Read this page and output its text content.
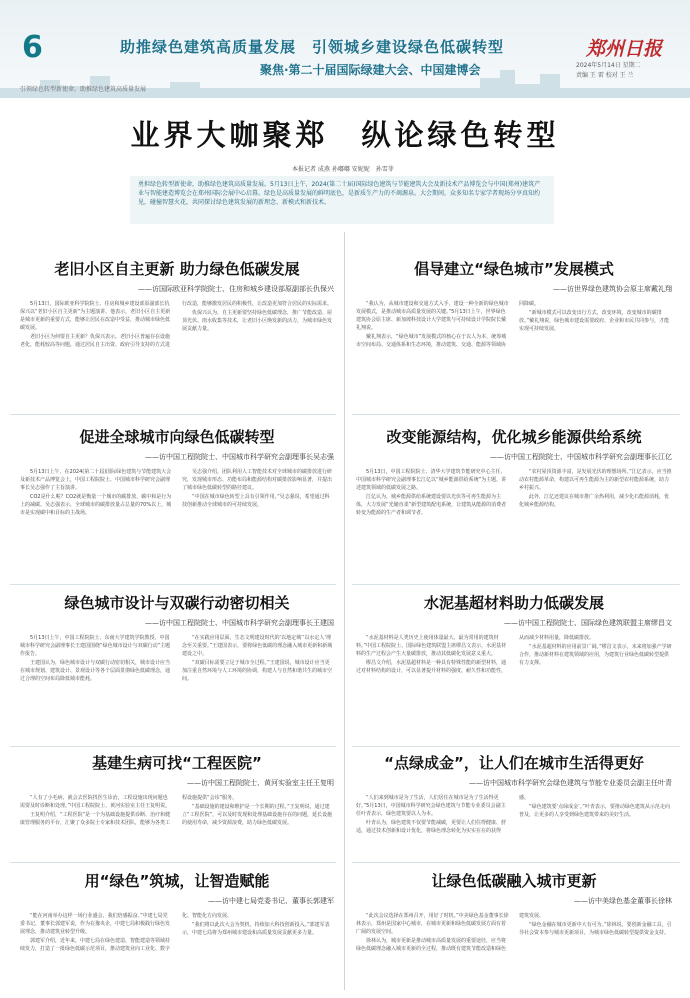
6	助推绿色建筑高质量发展　引领城乡建设绿色低碳转型
聚焦·第二十届国际绿建大会、中国建博会
郑州日报
2024年5月14日 星期二
责编 王 雷 校对 王 兰
引领绿色转型新使命，助推绿色建筑高质量发展
业界大咖聚郑　纵论绿色转型
本报记者 成燕 孙嘟嘟 安妮妮　孙雪菲
勇担绿色转型新使命，助推绿色建筑高质量发展。5月13日上午，2024(第二十届)国际绿色建筑与节能建筑大会及新技术产品博览会与中国(郑州)建筑产业与智能建造博览会在郑州国际会展中心启幕。绿色是高质量发展的鲜明底色，是新质生产力的不竭源泉。大会期间，众多知名专家学者现场分享真知灼见，碰撞智慧火花，共同探讨绿色建筑发展的新理念、新模式和新技术。
老旧小区自主更新 助力绿色低碳发展
——访国际欧亚科学院院士、住房和城乡建设部原副部长仇保兴

5月13日，国际欧亚科学院院士、住房和城乡建设部原副部长仇保兴以“老旧小区自主更新”为主题演讲。他表示，老旧小区自主更新是城市更新的重要方式，能够让居民在改造中受益，推动城市绿色低碳发展。

老旧小区为何要自主更新？仇保兴表示，老旧小区普遍存在设施老化、能耗较高等问题，通过居民自主出资、政府引导支持的方式进行改造，能够激发居民的积极性，让改造更加符合居民的实际需求。

仇保兴认为，自主更新要坚持绿色低碳理念，推广节能改造、屋顶光伏、雨水收集等技术，让老旧小区焕发新的活力，为城市绿色发展贡献力量。

倡导建立“绿色城市”发展模式
——访世界绿色建筑协会原主席戴礼翔

“我认为，从城市建设和交通方式入手，建设一种全新的绿色城市发展模式，是推动城市高质量发展的关键。”5月13日上午，世界绿色建筑协会原主席、新加坡科技设计大学建筑与可持续设计学院院长戴礼翔说。

戴礼翔表示，“绿色城市”发展模式的核心在于以人为本，统筹城市空间布局、交通体系和生态环境，推动建筑、交通、能源等领域协同降碳。

“新城市模式可以改变出行方式，改变环境，改变城市的碳排放。”戴礼翔说，绿色城市建设需要政府、企业和市民共同参与，才能实现可持续发展。

促进全球城市向绿色低碳转型
——访中国工程院院士、中国城市科学研究会副理事长吴志强

5月13日上午，在2024(第二十届)国际绿色建筑与节能建筑大会及新技术产品博览会上，中国工程院院士、中国城市科学研究会副理事长吴志强作了主旨演讲。

CO2是什么呢？CO2就是衡量一个城市的碳排放，碳中和是行为上的减碳。吴志强表示，全球城市的碳排放量占总量的70%以上，城市是实现碳中和目标的主战场。

吴志强介绍，团队利用人工智能技术对全球城市的碳排放进行研究，发现城市形态、功能布局和能源结构对碳排放影响显著，并提出了城市绿色低碳转型的路径建议。

“中国在城市绿色转型上具有引领作用。”吴志强说，希望通过科技创新推动全球城市的可持续发展。

改变能源结构，优化城乡能源供给系统
——访中国工程院院士、中国城市科学研究会副理事长江亿

5月13日，中国工程院院士、清华大学建筑节能研究中心主任、中国城市科学研究会副理事长江亿以“城乡能源供给系统”为主题，讲述建筑领域的低碳发展之路。

江亿认为，城乡能源供给系统建设要以光伏等可再生能源为主体，大力发展“光储直柔”新型建筑配电系统，让建筑从能源的消费者转变为能源的生产者和调节者。

“农村屋顶资源丰富，是发展光伏的理想场所。”江亿表示，应当推动农村能源革命，构建以可再生能源为主的新型农村能源系统，助力乡村振兴。

此外，江亿还建议在城市推广余热利用，减少化石能源消耗，优化城乡能源结构。

绿色城市设计与双碳行动密切相关
——访中国工程院院士、中国城市科学研究会副理事长王建国

5月13日上午，中国工程院院士、东南大学建筑学院教授、中国城市科学研究会副理事长王建国围绕“绿色城市设计与双碳行动”主题作报告。

王建国认为，绿色城市设计与双碳行动密切相关，城市设计应当在城市规划、建筑设计、景观设计等各个层面贯彻绿色低碳理念，通过合理的空间布局降低城市能耗。

“在实践应用层面，生态文明建设时代的‘以地定城’‘以水定人’理念至关重要。”王建国表示，要将绿色低碳的理念融入城市更新和新城建设之中。

“双碳目标需要立足于城市全过程。”王建国说，城市设计应当更加注重自然环境与人工环境的协调，构建人与自然和谐共生的城市空间。

水泥基超材料助力低碳发展
——访中国工程院院士、国际绿色建筑联盟主席缪昌文

“水泥基材料是人类历史上使用体量最大、最为常用的建筑材料。”中国工程院院士、国际绿色建筑联盟主席缪昌文表示，水泥基材料的生产过程会产生大量碳排放，推动其低碳化发展意义重大。

缪昌文介绍，水泥基超材料是一种具有特殊性能的新型材料，通过对材料结构的设计，可以显著提升材料的强度、耐久性和功能性，从而减少材料用量，降低碳排放。

“水泥基超材料的应用前景广阔。”缪昌文表示，未来将加强产学研合作，推动新材料在建筑领域的应用，为建筑行业绿色低碳转型提供有力支撑。

基建生病可找“工程医院”
——访中国工程院院士、黄河实验室主任王复明

“人有了小毛病，就会去医院找医生诊治，工程设施出现问题也需要及时诊断和处理。”中国工程院院士、黄河实验室主任王复明说。

王复明介绍，“工程医院”是一个为基础设施提供诊断、治疗和健康管理服务的平台，汇聚了众多院士专家和技术团队，能够为各类工程设施提供“会诊”服务。

“基础设施的建设和维护是一个长期的过程。”王复明说，通过建立“工程医院”，可以及时发现和处理基础设施存在的问题，延长设施的使用寿命，减少资源浪费，助力绿色低碳发展。

“点绿成金”，让人们在城市生活得更好
——访中国城市科学研究会绿色建筑与节能专业委员会副主任叶青

“人们来到城市是为了生活，人们居住在城市是为了生活得更好。”5月13日，中国城市科学研究会绿色建筑与节能专业委员会副主任叶青表示，绿色建筑要以人为本。

叶青认为，绿色建筑不仅要节能减碳，更要让人们住得健康、舒适，通过技术创新和设计优化，将绿色理念转化为实实在在的获得感。

“绿色建筑要‘点绿成金’。”叶青表示，要推动绿色建筑从示范走向普及，让更多的人享受到绿色建筑带来的美好生活。

用“绿色”筑城，让智造赋能
——访中建七局党委书记、董事长郭建军

“能在河南举办这样一场行业盛会，我们倍感振奋。”中建七局党委书记、董事长郭建军说，作为在豫央企，中建七局积极践行绿色发展理念，推动建筑业转型升级。

郭建军介绍，近年来，中建七局在绿色建造、智能建造等领域持续发力，打造了一批绿色低碳示范项目，推动建筑业向工业化、数字化、智能化方向发展。

“我们将以此次大会为契机，持续加大科技创新投入。”郭建军表示，中建七局将为郑州城市建设和高质量发展贡献更多力量。

让绿色低碳融入城市更新
——访中美绿色基金董事长徐林

“此次会议选择在郑州召开，用好了时机。”中美绿色基金董事长徐林表示，郑州是国家中心城市，在城市更新和绿色低碳发展方面有着广阔的发展空间。

徐林认为，城市更新是推动城市高质量发展的重要途径，应当将绿色低碳理念融入城市更新的全过程，推动既有建筑节能改造和绿色建筑发展。

“绿色金融在城市更新中大有可为。”徐林说，要创新金融工具，引导社会资本参与城市更新项目，为城市绿色低碳转型提供资金支持。
